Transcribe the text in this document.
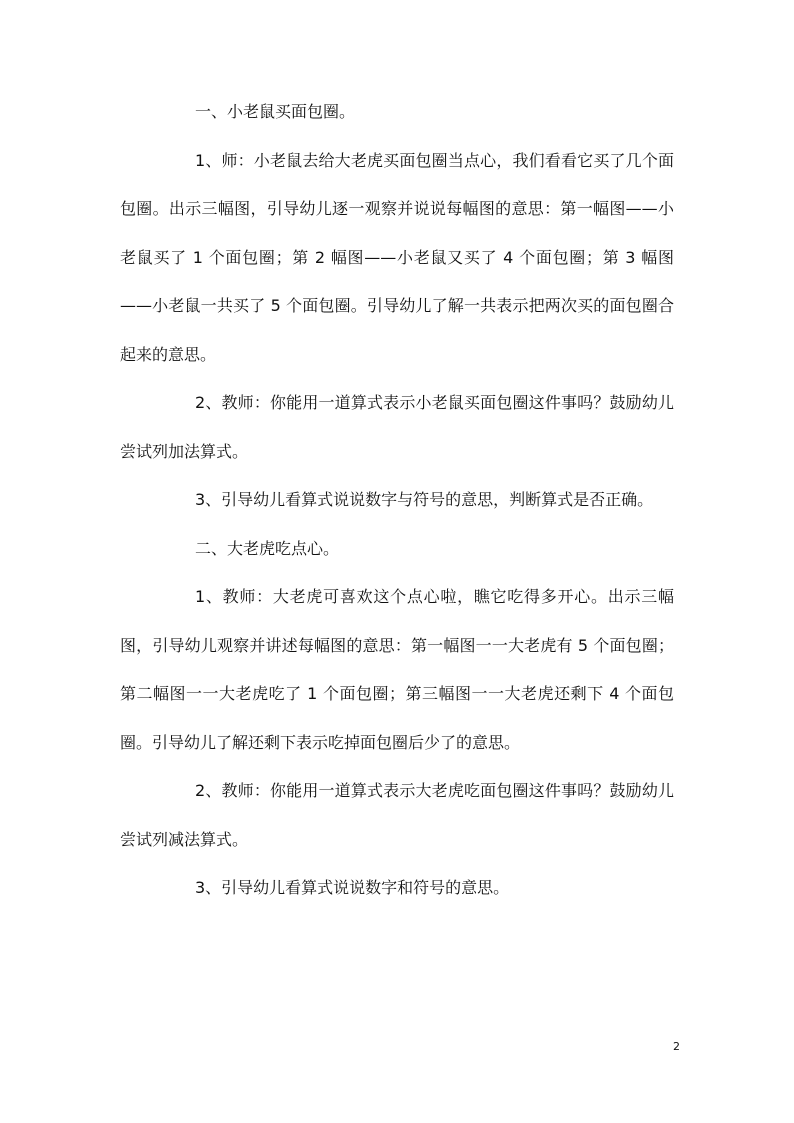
一、小老鼠买面包圈。

1、师：小老鼠去给大老虎买面包圈当点心，我们看看它买了几个面包圈。出示三幅图，引导幼儿逐一观察并说说每幅图的意思：第一幅图——小老鼠买了 1 个面包圈；第 2 幅图——小老鼠又买了 4 个面包圈；第 3 幅图——小老鼠一共买了 5 个面包圈。引导幼儿了解一共表示把两次买的面包圈合起来的意思。

2、教师：你能用一道算式表示小老鼠买面包圈这件事吗？鼓励幼儿尝试列加法算式。

3、引导幼儿看算式说说数字与符号的意思，判断算式是否正确。

二、大老虎吃点心。

1、教师：大老虎可喜欢这个点心啦，瞧它吃得多开心。出示三幅图，引导幼儿观察并讲述每幅图的意思：第一幅图一一大老虎有 5 个面包圈；第二幅图一一大老虎吃了 1 个面包圈；第三幅图一一大老虎还剩下 4 个面包圈。引导幼儿了解还剩下表示吃掉面包圈后少了的意思。

2、教师：你能用一道算式表示大老虎吃面包圈这件事吗？鼓励幼儿尝试列减法算式。

3、引导幼儿看算式说说数字和符号的意思。

2
